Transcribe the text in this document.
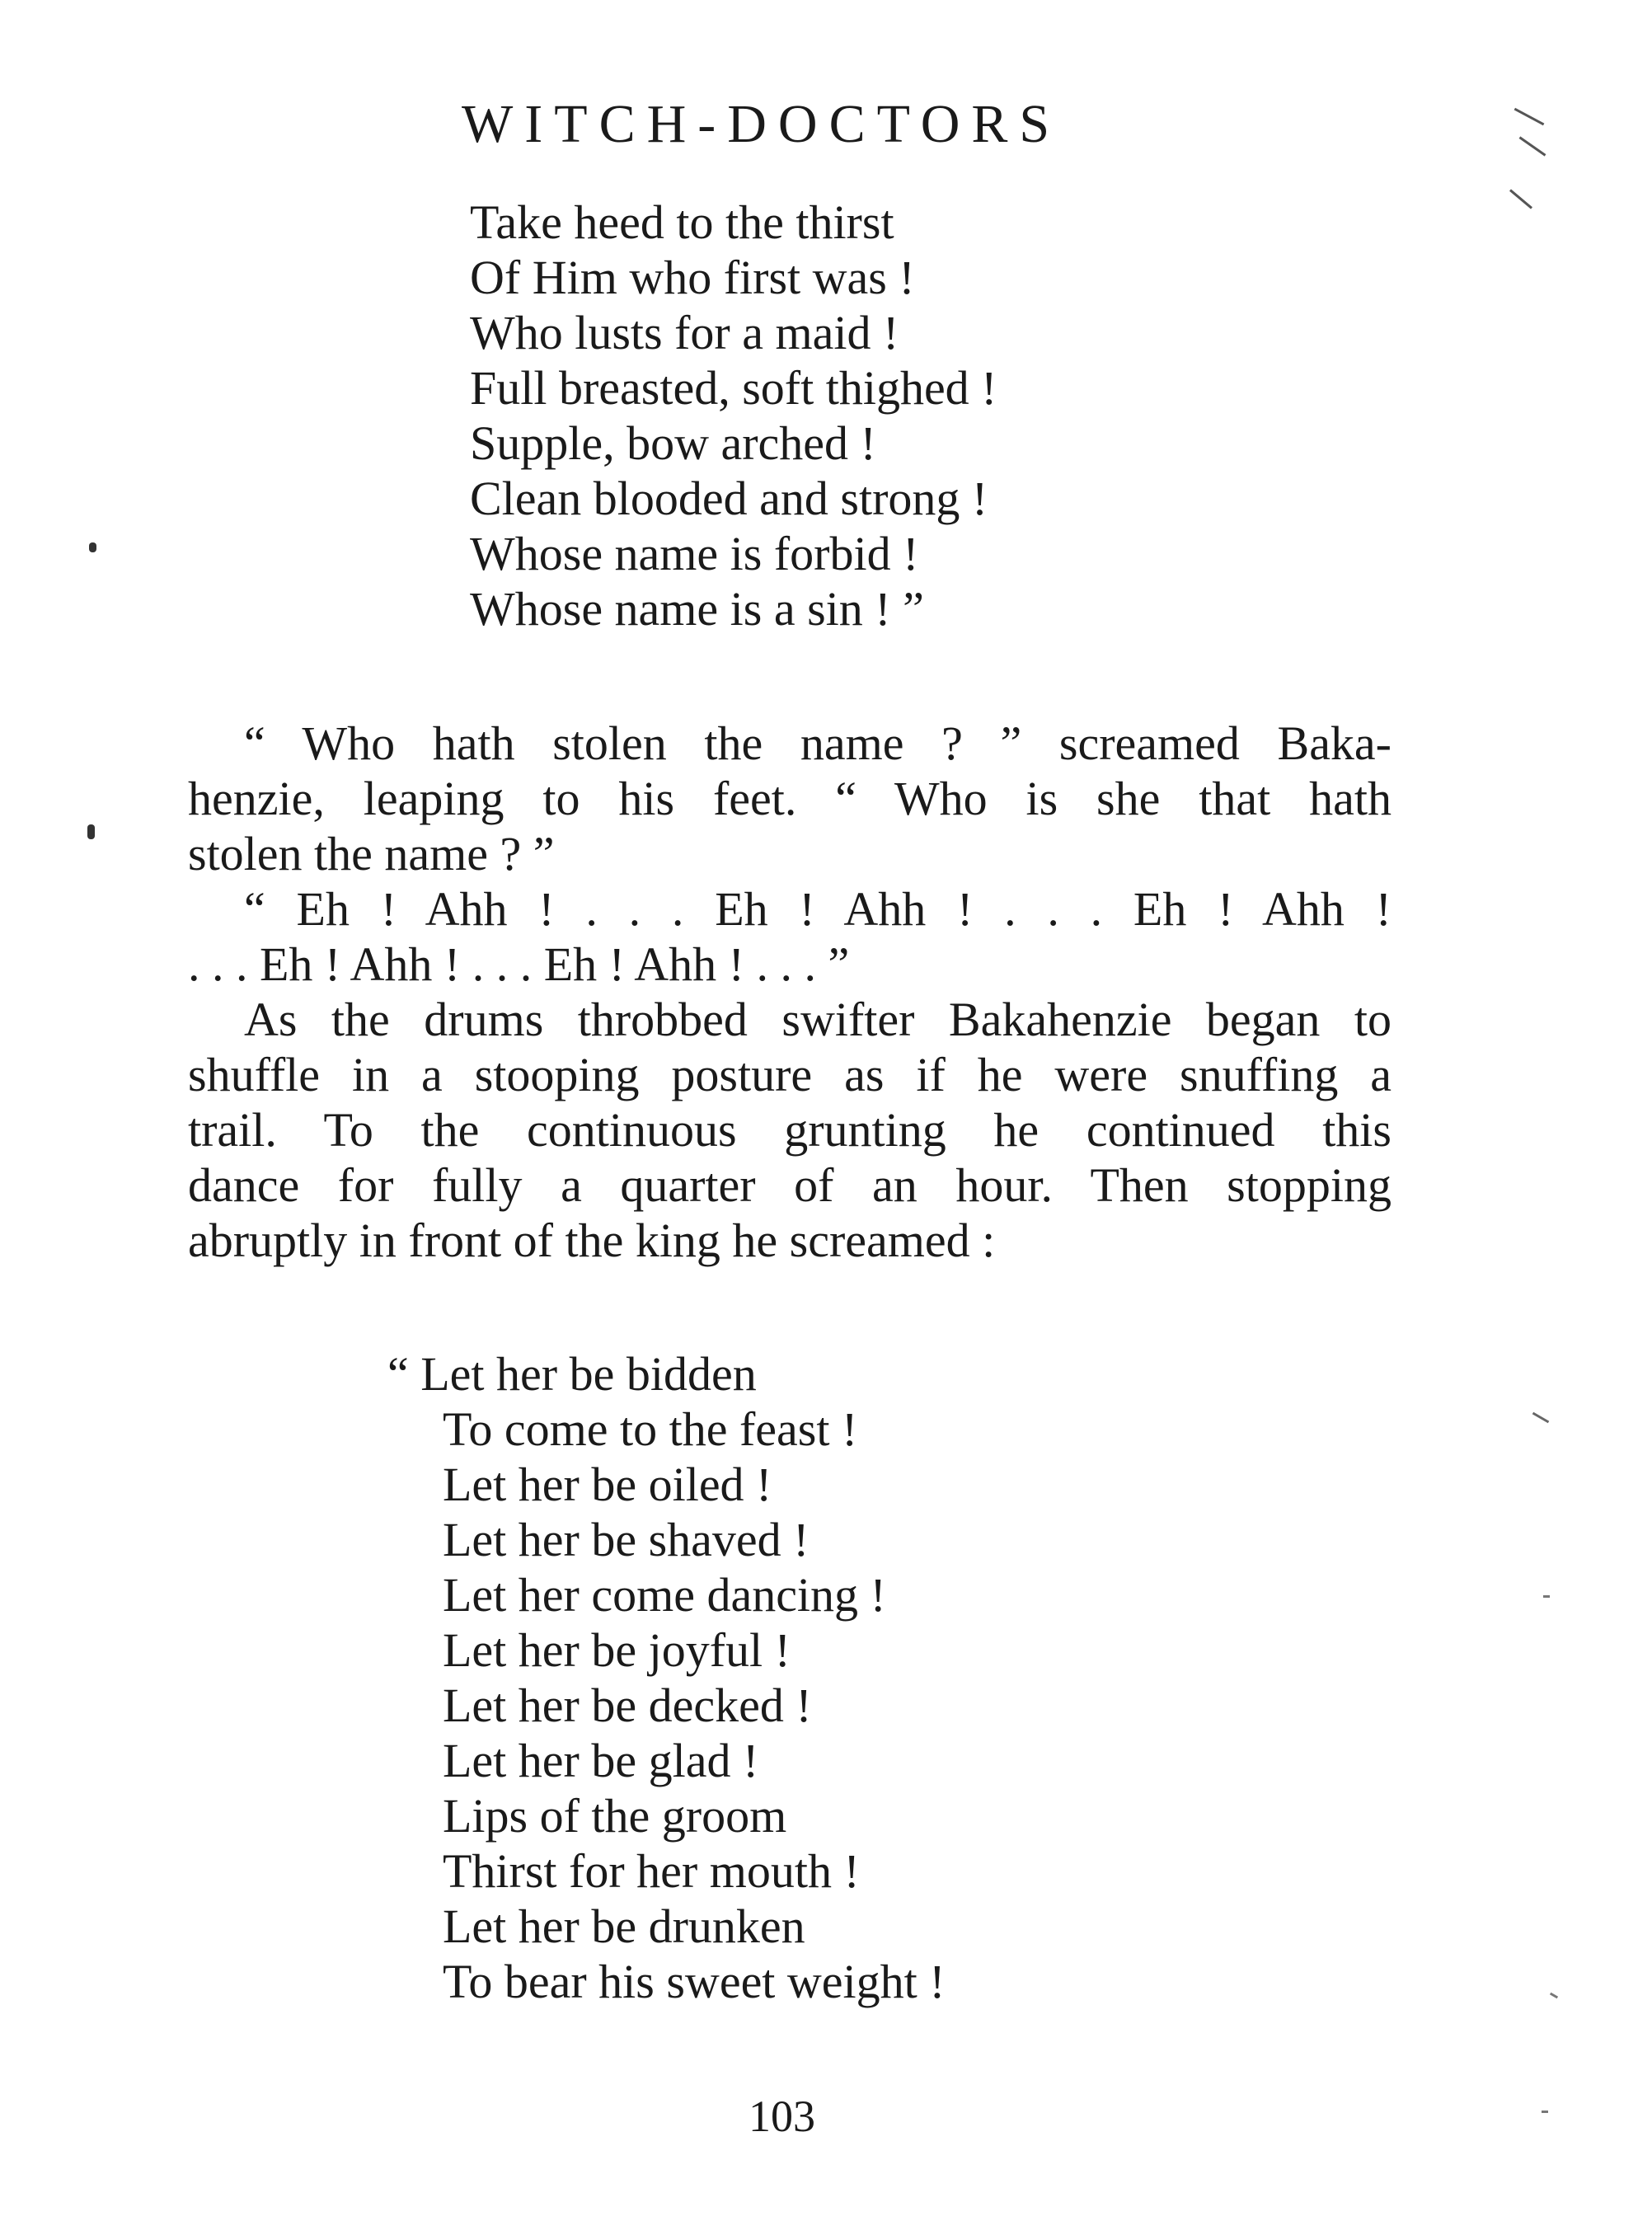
WITCH-DOCTORS
Take heed to the thirst
Of Him who first was !
Who lusts for a maid !
Full breasted, soft thighed !
Supple, bow arched !
Clean blooded and strong !
Whose name is forbid !
Whose name is a sin ! ”
“ Who hath stolen the name ? ” screamed Baka-
henzie, leaping to his feet. “ Who is she that hath
stolen the name ? ”
“ Eh ! Ahh ! . . . Eh ! Ahh ! . . . Eh ! Ahh !
. . . Eh ! Ahh ! . . . Eh ! Ahh ! . . . ”
As the drums throbbed swifter Bakahenzie began to
shuffle in a stooping posture as if he were snuffing a
trail. To the continuous grunting he continued this
dance for fully a quarter of an hour. Then stopping
abruptly in front of the king he screamed :
“ Let her be bidden
To come to the feast !
Let her be oiled !
Let her be shaved !
Let her come dancing !
Let her be joyful !
Let her be decked !
Let her be glad !
Lips of the groom
Thirst for her mouth !
Let her be drunken
To bear his sweet weight !
103
